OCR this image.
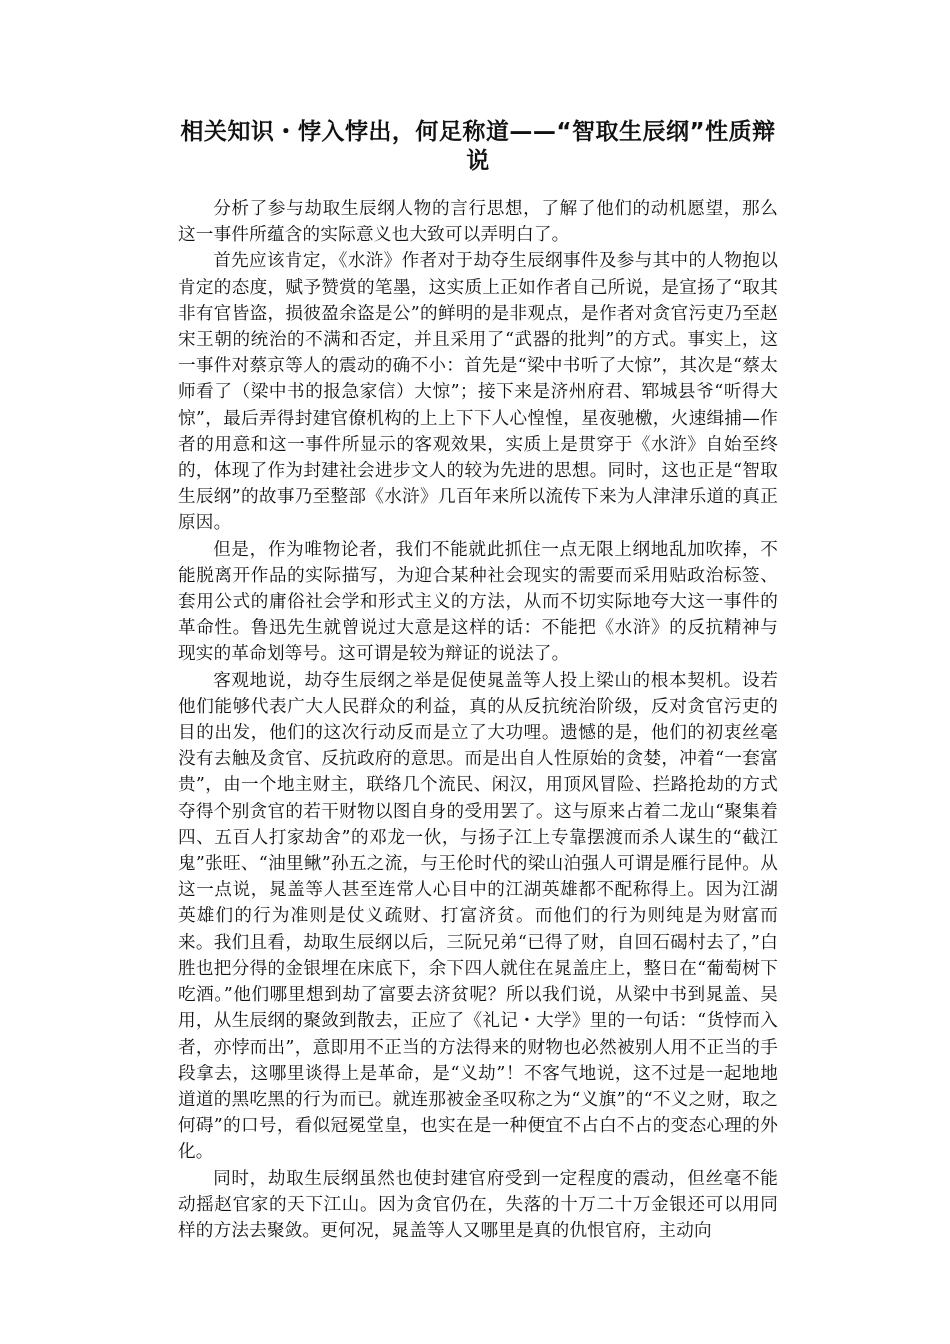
相关知识・悖入悖出，何足称道——“智取生辰纲”性质辩说

分析了参与劫取生辰纲人物的言行思想，了解了他们的动机愿望，那么这一事件所蕴含的实际意义也大致可以弄明白了。

首先应该肯定，《水浒》作者对于劫夺生辰纲事件及参与其中的人物抱以肯定的态度，赋予赞赏的笔墨，这实质上正如作者自己所说，是宣扬了“取其非有官皆盗，损彼盈余盗是公”的鲜明的是非观点，是作者对贪官污吏乃至赵宋王朝的统治的不满和否定，并且采用了“武器的批判”的方式。事实上，这一事件对蔡京等人的震动的确不小：首先是“梁中书听了大惊”，其次是“蔡太师看了（梁中书的报急家信）大惊”；接下来是济州府君、郓城县爷“听得大惊”，最后弄得封建官僚机构的上上下下人心惶惶，星夜驰檄，火速缉捕—作者的用意和这一事件所显示的客观效果，实质上是贯穿于《水浒》自始至终的，体现了作为封建社会进步文人的较为先进的思想。同时，这也正是“智取生辰纲”的故事乃至整部《水浒》几百年来所以流传下来为人津津乐道的真正原因。

但是，作为唯物论者，我们不能就此抓住一点无限上纲地乱加吹捧，不能脱离开作品的实际描写，为迎合某种社会现实的需要而采用贴政治标签、套用公式的庸俗社会学和形式主义的方法，从而不切实际地夸大这一事件的革命性。鲁迅先生就曾说过大意是这样的话：不能把《水浒》的反抗精神与现实的革命划等号。这可谓是较为辩证的说法了。

客观地说，劫夺生辰纲之举是促使晁盖等人投上梁山的根本契机。设若他们能够代表广大人民群众的利益，真的从反抗统治阶级，反对贪官污吏的目的出发，他们的这次行动反而是立了大功哩。遗憾的是，他们的初衷丝毫没有去触及贪官、反抗政府的意思。而是出自人性原始的贪婪，冲着“一套富贵”，由一个地主财主，联络几个流民、闲汉，用顶风冒险、拦路抢劫的方式夺得个别贪官的若干财物以图自身的受用罢了。这与原来占着二龙山“聚集着四、五百人打家劫舍”的邓龙一伙，与扬子江上专靠摆渡而杀人谋生的“截江鬼”张旺、“油里鳅”孙五之流，与王伦时代的梁山泊强人可谓是雁行昆仲。从这一点说，晁盖等人甚至连常人心目中的江湖英雄都不配称得上。因为江湖英雄们的行为准则是仗义疏财、打富济贫。而他们的行为则纯是为财富而来。我们且看，劫取生辰纲以后，三阮兄弟“已得了财，自回石碣村去了，”白胜也把分得的金银埋在床底下，余下四人就住在晁盖庄上，整日在“葡萄树下吃酒。”他们哪里想到劫了富要去济贫呢？所以我们说，从梁中书到晁盖、吴用，从生辰纲的聚敛到散去，正应了《礼记・大学》里的一句话：“货悖而入者，亦悖而出”，意即用不正当的方法得来的财物也必然被别人用不正当的手段拿去，这哪里谈得上是革命，是“义劫”！不客气地说，这不过是一起地地道道的黑吃黑的行为而已。就连那被金圣叹称之为“义旗”的“不义之财，取之何碍”的口号，看似冠冕堂皇，也实在是一种便宜不占白不占的变态心理的外化。

同时，劫取生辰纲虽然也使封建官府受到一定程度的震动，但丝毫不能动摇赵官家的天下江山。因为贪官仍在，失落的十万二十万金银还可以用同样的方法去聚敛。更何况，晁盖等人又哪里是真的仇恨官府，主动向
